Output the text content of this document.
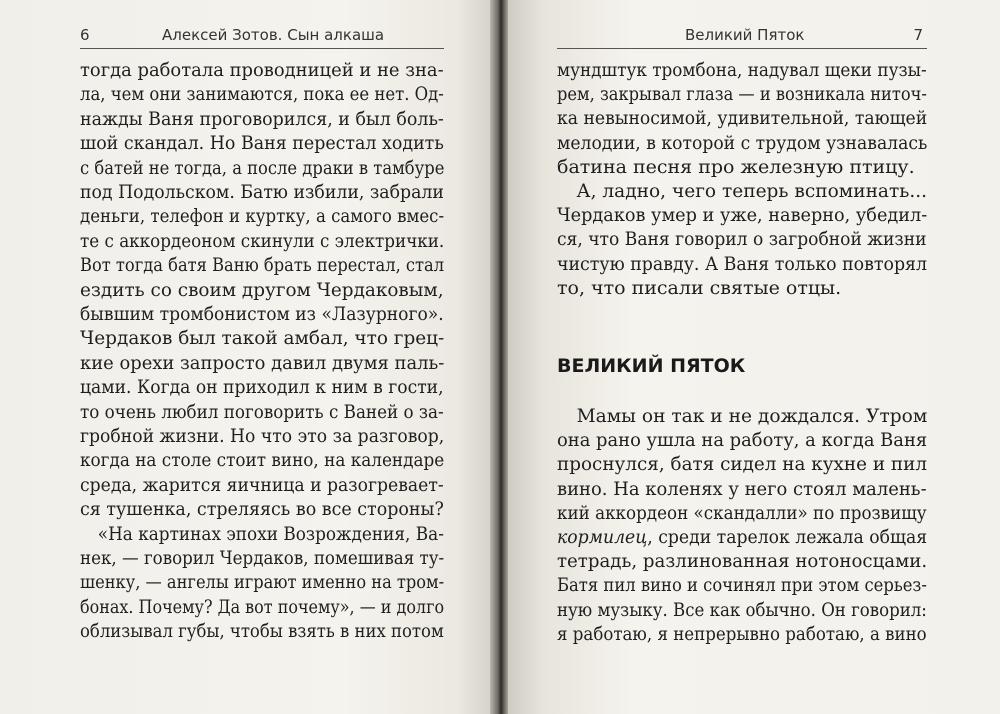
6	Алексей Зотов. Сын алкаша
тогда работала проводницей и не зна-
ла, чем они занимаются, пока ее нет. Од-
нажды Ваня проговорился, и был боль-
шой скандал. Но Ваня перестал ходить
с батей не тогда, а после драки в тамбуре
под Подольском. Батю избили, забрали
деньги, телефон и куртку, а самого вмес-
те с аккордеоном скинули с электрички.
Вот тогда батя Ваню брать перестал, стал
ездить со своим другом Чердаковым,
бывшим тромбонистом из «Лазурного».
Чердаков был такой амбал, что грец-
кие орехи запросто давил двумя паль-
цами. Когда он приходил к ним в гости,
то очень любил поговорить с Ваней о за-
гробной жизни. Но что это за разговор,
когда на столе стоит вино, на календаре
среда, жарится яичница и разогревает-
ся тушенка, стреляясь во все стороны?
«На картинах эпохи Возрождения, Ва-
нек, — говорил Чердаков, помешивая ту-
шенку, — ангелы играют именно на тром-
бонах. Почему? Да вот почему», — и долго
облизывал губы, чтобы взять в них потом
Великий Пяток	7
мундштук тромбона, надувал щеки пузы-
рем, закрывал глаза — и возникала ниточ-
ка невыносимой, удивительной, тающей
мелодии, в которой с трудом узнавалась
батина песня про железную птицу.
А, ладно, чего теперь вспоминать...
Чердаков умер и уже, наверно, убедил-
ся, что Ваня говорил о загробной жизни
чистую правду. А Ваня только повторял
то, что писали святые отцы.
ВЕЛИКИЙ ПЯТОК
Мамы он так и не дождался. Утром
она рано ушла на работу, а когда Ваня
проснулся, батя сидел на кухне и пил
вино. На коленях у него стоял малень-
кий аккордеон «скандалли» по прозвищу
кормилец, среди тарелок лежала общая
тетрадь, разлинованная нотоносцами.
Батя пил вино и сочинял при этом серьез-
ную музыку. Все как обычно. Он говорил:
я работаю, я непрерывно работаю, а вино
